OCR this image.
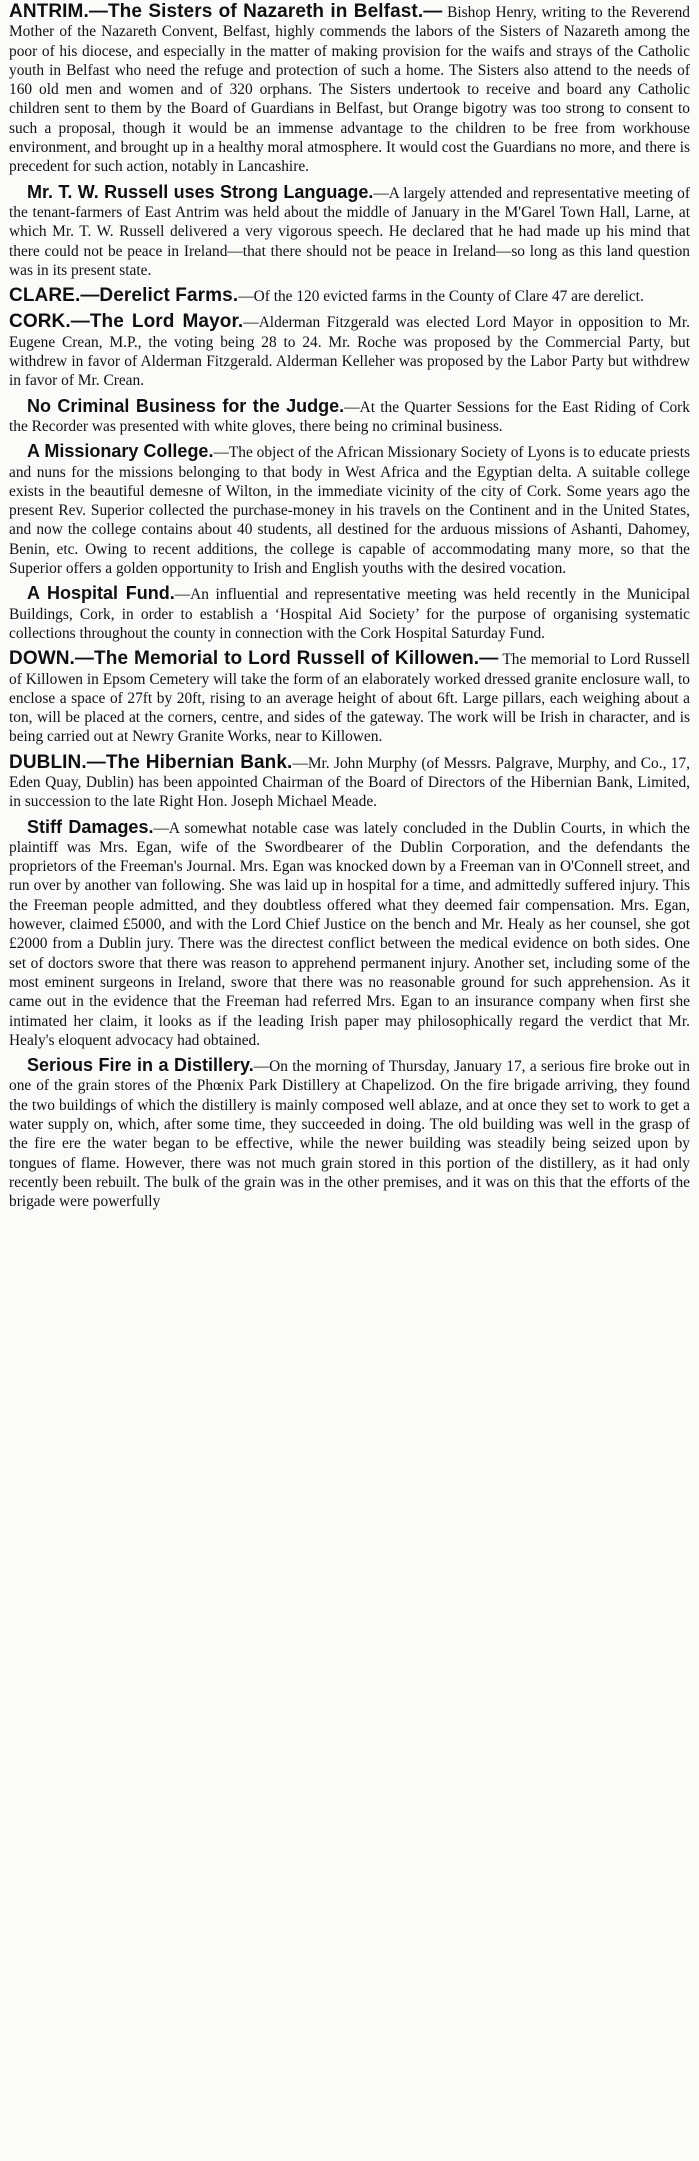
ANTRIM.—The Sisters of Nazareth in Belfast.— Bishop Henry, writing to the Reverend Mother of the Nazareth Convent, Belfast, highly commends the labors of the Sisters of Nazareth among the poor of his diocese, and especially in the matter of making provision for the waifs and strays of the Catholic youth in Belfast who need the refuge and protection of such a home. The Sisters also attend to the needs of 160 old men and women and of 320 orphans. The Sisters undertook to receive and board any Catholic children sent to them by the Board of Guardians in Belfast, but Orange bigotry was too strong to consent to such a proposal, though it would be an immense advantage to the children to be free from workhouse environment, and brought up in a healthy moral atmosphere. It would cost the Guardians no more, and there is precedent for such action, notably in Lancashire.

Mr. T. W. Russell uses Strong Language.—A largely attended and representative meeting of the tenant-farmers of East Antrim was held about the middle of January in the M'Garel Town Hall, Larne, at which Mr. T. W. Russell delivered a very vigorous speech. He declared that he had made up his mind that there could not be peace in Ireland—that there should not be peace in Ireland—so long as this land question was in its present state.

CLARE.—Derelict Farms.—Of the 120 evicted farms in the County of Clare 47 are derelict.

CORK.—The Lord Mayor.—Alderman Fitzgerald was elected Lord Mayor in opposition to Mr. Eugene Crean, M.P., the voting being 28 to 24. Mr. Roche was proposed by the Commercial Party, but withdrew in favor of Alderman Fitzgerald. Alderman Kelleher was proposed by the Labor Party but withdrew in favor of Mr. Crean.

No Criminal Business for the Judge.—At the Quarter Sessions for the East Riding of Cork the Recorder was presented with white gloves, there being no criminal business.

A Missionary College.—The object of the African Missionary Society of Lyons is to educate priests and nuns for the missions belonging to that body in West Africa and the Egyptian delta. A suitable college exists in the beautiful demesne of Wilton, in the immediate vicinity of the city of Cork. Some years ago the present Rev. Superior collected the purchase-money in his travels on the Continent and in the United States, and now the college contains about 40 students, all destined for the arduous missions of Ashanti, Dahomey, Benin, etc. Owing to recent additions, the college is capable of accommodating many more, so that the Superior offers a golden opportunity to Irish and English youths with the desired vocation.

A Hospital Fund.—An influential and representative meeting was held recently in the Municipal Buildings, Cork, in order to establish a ‘Hospital Aid Society’ for the purpose of organising systematic collections throughout the county in connection with the Cork Hospital Saturday Fund.

DOWN.—The Memorial to Lord Russell of Killowen.— The memorial to Lord Russell of Killowen in Epsom Cemetery will take the form of an elaborately worked dressed granite enclosure wall, to enclose a space of 27ft by 20ft, rising to an average height of about 6ft. Large pillars, each weighing about a ton, will be placed at the corners, centre, and sides of the gateway. The work will be Irish in character, and is being carried out at Newry Granite Works, near to Killowen.

DUBLIN.—The Hibernian Bank.—Mr. John Murphy (of Messrs. Palgrave, Murphy, and Co., 17, Eden Quay, Dublin) has been appointed Chairman of the Board of Directors of the Hibernian Bank, Limited, in succession to the late Right Hon. Joseph Michael Meade.

Stiff Damages.—A somewhat notable case was lately concluded in the Dublin Courts, in which the plaintiff was Mrs. Egan, wife of the Swordbearer of the Dublin Corporation, and the defendants the proprietors of the Freeman's Journal. Mrs. Egan was knocked down by a Freeman van in O'Connell street, and run over by another van following. She was laid up in hospital for a time, and admittedly suffered injury. This the Freeman people admitted, and they doubtless offered what they deemed fair compensation. Mrs. Egan, however, claimed £5000, and with the Lord Chief Justice on the bench and Mr. Healy as her counsel, she got £2000 from a Dublin jury. There was the directest conflict between the medical evidence on both sides. One set of doctors swore that there was reason to apprehend permanent injury. Another set, including some of the most eminent surgeons in Ireland, swore that there was no reasonable ground for such apprehension. As it came out in the evidence that the Freeman had referred Mrs. Egan to an insurance company when first she intimated her claim, it looks as if the leading Irish paper may philosophically regard the verdict that Mr. Healy's eloquent advocacy had obtained.

Serious Fire in a Distillery.—On the morning of Thursday, January 17, a serious fire broke out in one of the grain stores of the Phœnix Park Distillery at Chapelizod. On the fire brigade arriving, they found the two buildings of which the distillery is mainly composed well ablaze, and at once they set to work to get a water supply on, which, after some time, they succeeded in doing. The old building was well in the grasp of the fire ere the water began to be effective, while the newer building was steadily being seized upon by tongues of flame. However, there was not much grain stored in this portion of the distillery, as it had only recently been rebuilt. The bulk of the grain was in the other premises, and it was on this that the efforts of the brigade were powerfully
